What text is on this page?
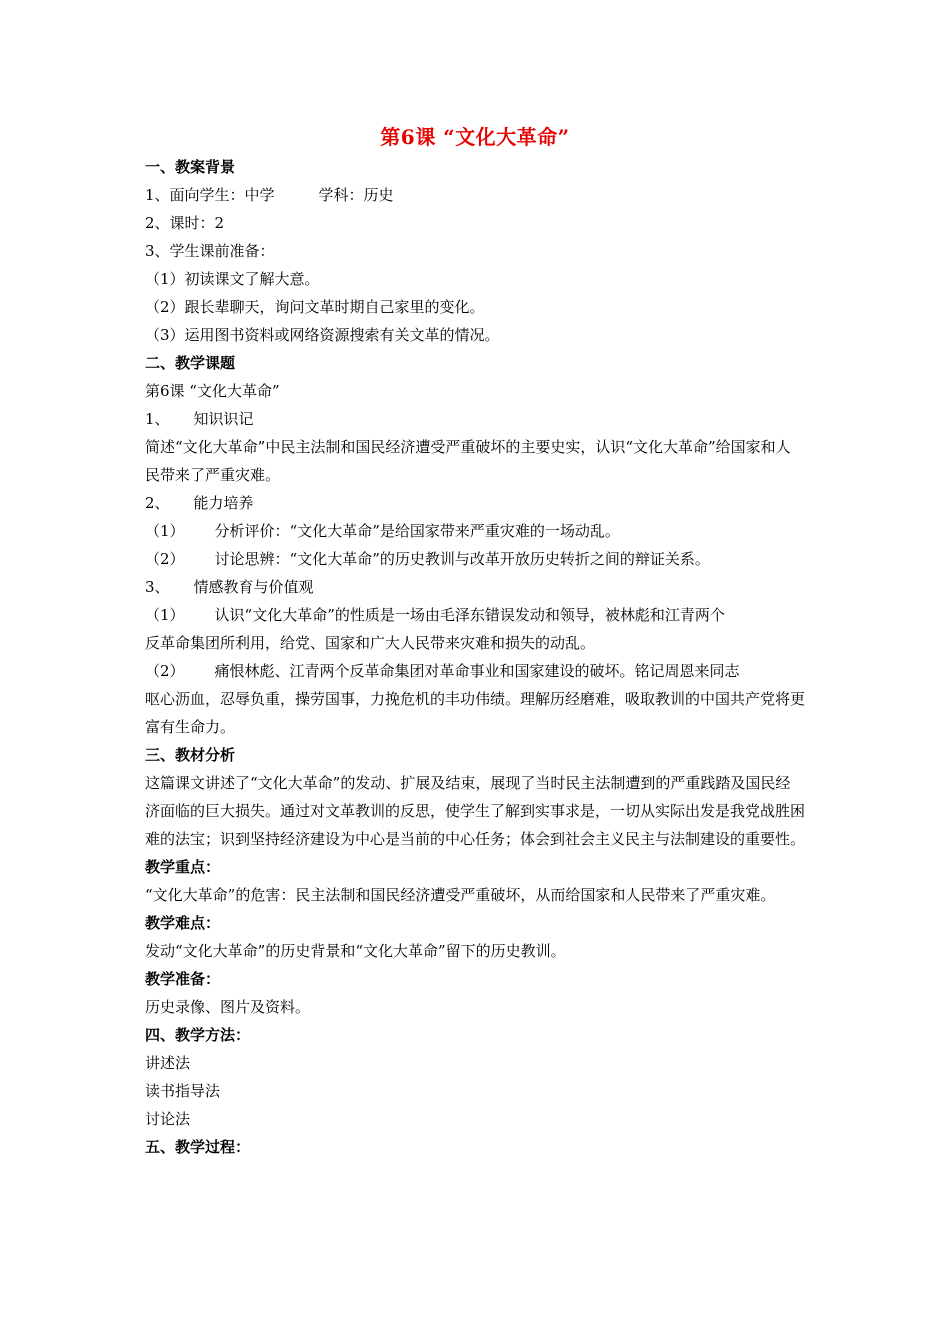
第6课 “文化大革命”
一、教案背景
1、面向学生：中学	学科：历史
2、课时：2
3、学生课前准备：
（1）初读课文了解大意。
（2）跟长辈聊天，询问文革时期自己家里的变化。
（3）运用图书资料或网络资源搜索有关文革的情况。
二、教学课题
第6课 “文化大革命”
1、 知识识记
简述“文化大革命”中民主法制和国民经济遭受严重破坏的主要史实，认识“文化大革命”给国家和人民带来了严重灾难。
2、 能力培养
（1） 分析评价：“文化大革命”是给国家带来严重灾难的一场动乱。
（2） 讨论思辨：“文化大革命”的历史教训与改革开放历史转折之间的辩证关系。
3、 情感教育与价值观
（1） 认识“文化大革命”的性质是一场由毛泽东错误发动和领导，被林彪和江青两个
反革命集团所利用，给党、国家和广大人民带来灾难和损失的动乱。
（2） 痛恨林彪、江青两个反革命集团对革命事业和国家建设的破坏。铭记周恩来同志
呕心沥血，忍辱负重，操劳国事，力挽危机的丰功伟绩。理解历经磨难，吸取教训的中国共产党将更富有生命力。
三、教材分析
这篇课文讲述了“文化大革命”的发动、扩展及结束，展现了当时民主法制遭到的严重践踏及国民经济面临的巨大损失。通过对文革教训的反思，使学生了解到实事求是，一切从实际出发是我党战胜困难的法宝；识到坚持经济建设为中心是当前的中心任务；体会到社会主义民主与法制建设的重要性。
教学重点：
“文化大革命”的危害：民主法制和国民经济遭受严重破坏，从而给国家和人民带来了严重灾难。
教学难点：
发动“文化大革命”的历史背景和“文化大革命”留下的历史教训。
教学准备：
历史录像、图片及资料。
四、教学方法：
讲述法
读书指导法
讨论法
五、教学过程：
